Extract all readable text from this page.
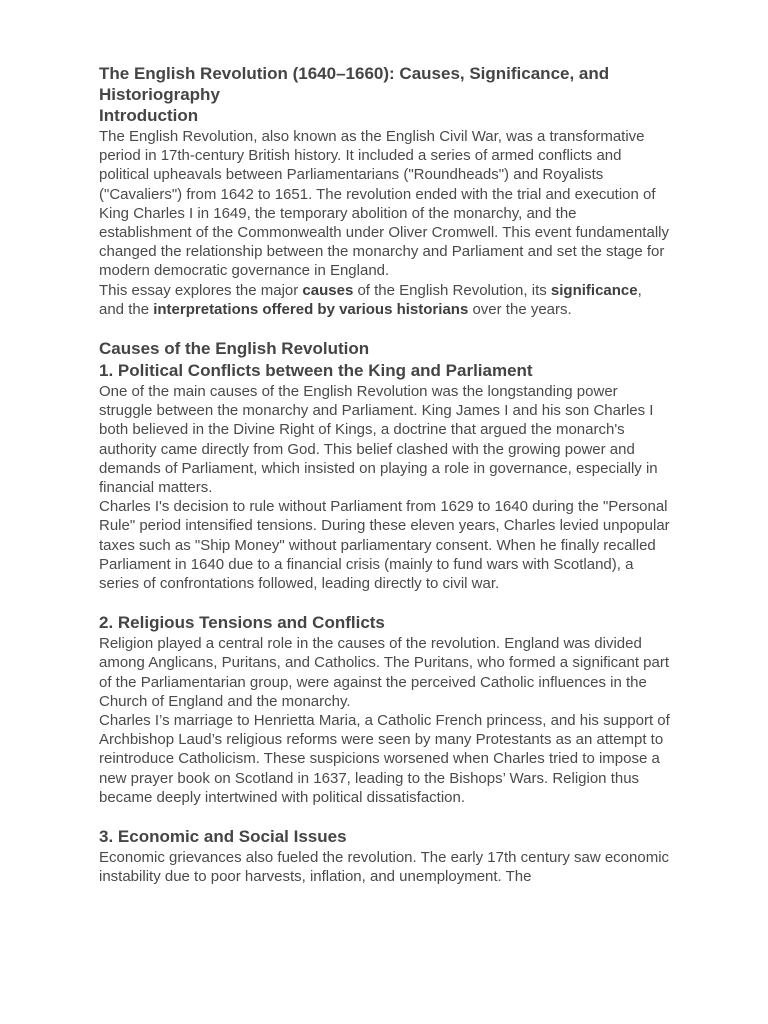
The English Revolution (1640–1660): Causes, Significance, and Historiography
Introduction

The English Revolution, also known as the English Civil War, was a transformative period in 17th-century British history. It included a series of armed conflicts and political upheavals between Parliamentarians ("Roundheads") and Royalists ("Cavaliers") from 1642 to 1651. The revolution ended with the trial and execution of King Charles I in 1649, the temporary abolition of the monarchy, and the establishment of the Commonwealth under Oliver Cromwell. This event fundamentally changed the relationship between the monarchy and Parliament and set the stage for modern democratic governance in England.

This essay explores the major causes of the English Revolution, its significance, and the interpretations offered by various historians over the years.

Causes of the English Revolution
1. Political Conflicts between the King and Parliament

One of the main causes of the English Revolution was the longstanding power struggle between the monarchy and Parliament. King James I and his son Charles I both believed in the Divine Right of Kings, a doctrine that argued the monarch's authority came directly from God. This belief clashed with the growing power and demands of Parliament, which insisted on playing a role in governance, especially in financial matters.

Charles I's decision to rule without Parliament from 1629 to 1640 during the "Personal Rule" period intensified tensions. During these eleven years, Charles levied unpopular taxes such as "Ship Money" without parliamentary consent. When he finally recalled Parliament in 1640 due to a financial crisis (mainly to fund wars with Scotland), a series of confrontations followed, leading directly to civil war.

2. Religious Tensions and Conflicts

Religion played a central role in the causes of the revolution. England was divided among Anglicans, Puritans, and Catholics. The Puritans, who formed a significant part of the Parliamentarian group, were against the perceived Catholic influences in the Church of England and the monarchy.

Charles I’s marriage to Henrietta Maria, a Catholic French princess, and his support of Archbishop Laud’s religious reforms were seen by many Protestants as an attempt to reintroduce Catholicism. These suspicions worsened when Charles tried to impose a new prayer book on Scotland in 1637, leading to the Bishops’ Wars. Religion thus became deeply intertwined with political dissatisfaction.

3. Economic and Social Issues

Economic grievances also fueled the revolution. The early 17th century saw economic instability due to poor harvests, inflation, and unemployment. The
